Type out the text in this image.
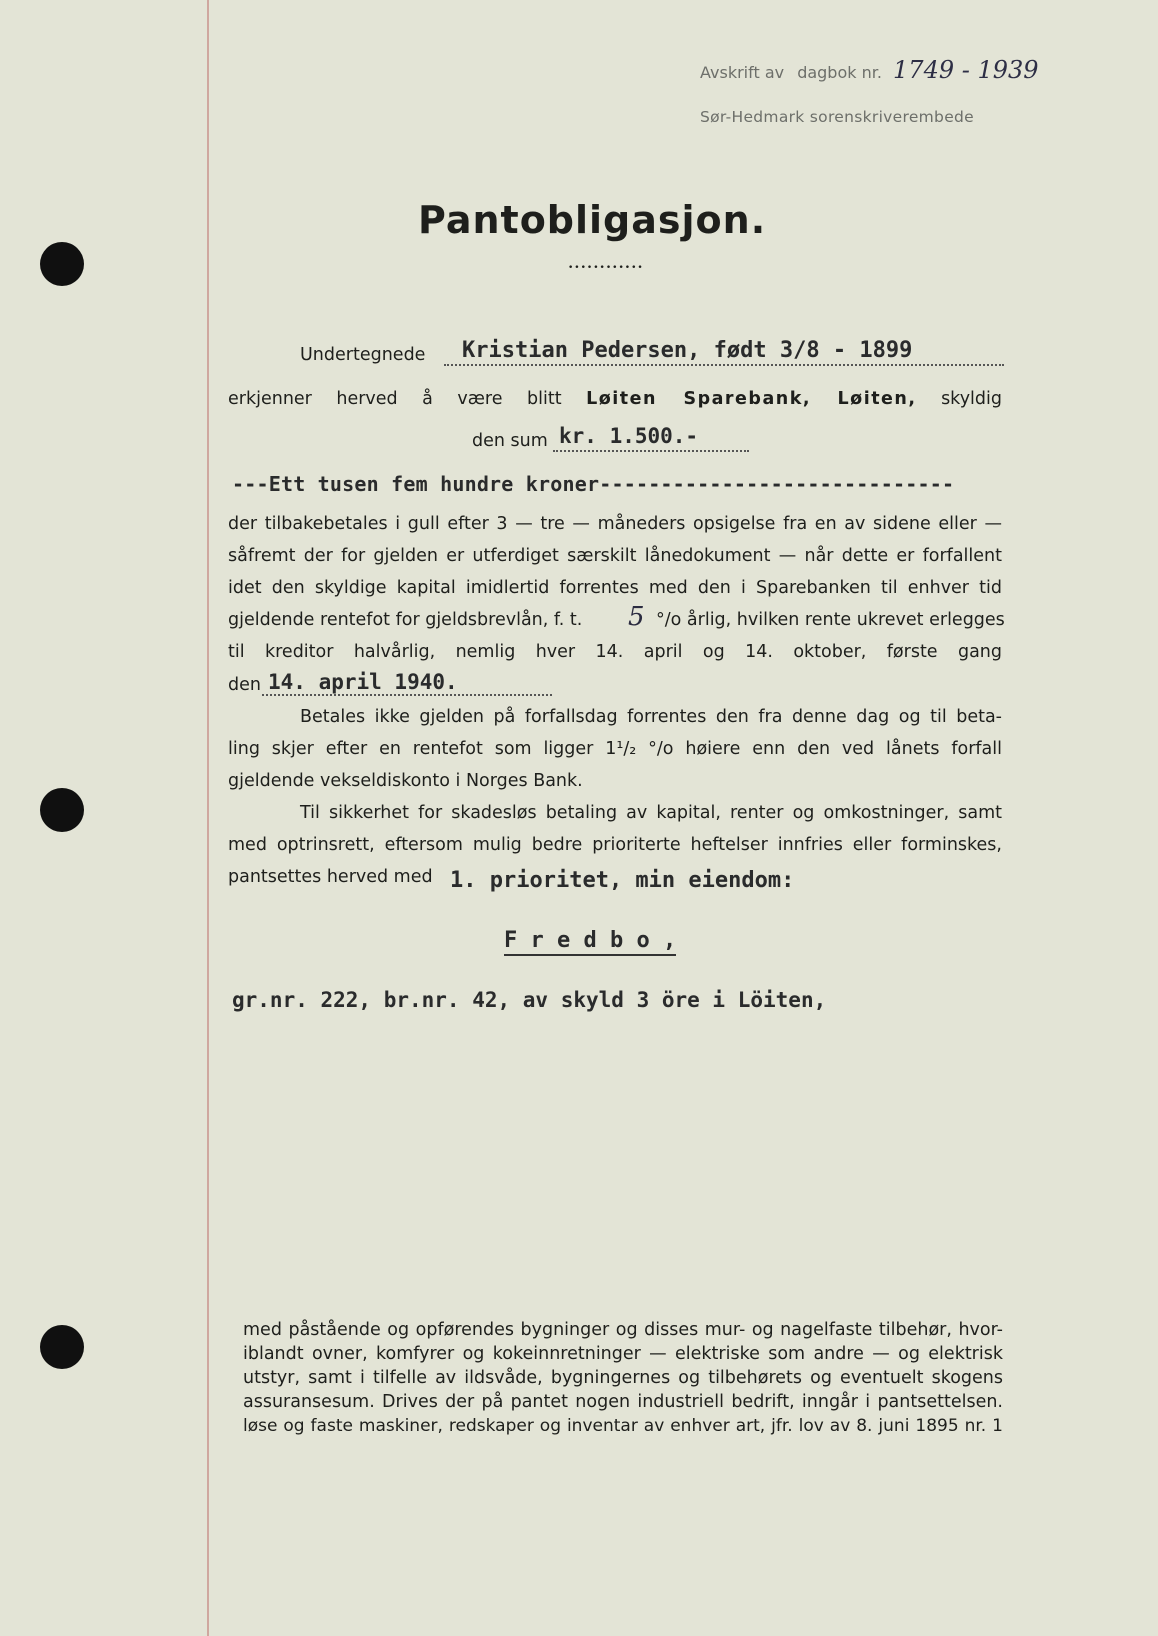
Avskrift av dagbok nr. 1749 - 1939
Sør-Hedmark sorenskriverembede
Pantobligasjon.
••••••••••••
Undertegnede	Kristian Pedersen, født 3/8 - 1899
erkjenner herved å være blitt Løiten Sparebank, Løiten, skyldig
den sum kr. 1.500.-
---Ett tusen fem hundre kroner-----------------------------
der tilbakebetales i gull efter 3 — tre — måneders opsigelse fra en av sidene eller —
såfremt der for gjelden er utferdiget særskilt lånedokument — når dette er forfallent
idet den skyldige kapital imidlertid forrentes med den i Sparebanken til enhver tid
gjeldende rentefot for gjeldsbrevlån, f. t. 5 °/o årlig, hvilken rente ukrevet erlegges
til kreditor halvårlig, nemlig hver 14. april og 14. oktober, første gang
den 14. april 1940.
Betales ikke gjelden på forfallsdag forrentes den fra denne dag og til beta-
ling skjer efter en rentefot som ligger 1¹/₂ °/o høiere enn den ved lånets forfall
gjeldende vekseldiskonto i Norges Bank.
Til sikkerhet for skadesløs betaling av kapital, renter og omkostninger, samt
med optrinsrett, eftersom mulig bedre prioriterte heftelser innfries eller forminskes,
pantsettes herved med 1. prioritet, min eiendom:
F r e d b o ,
gr.nr. 222, br.nr. 42, av skyld 3 öre i Löiten,
med påstående og opførendes bygninger og disses mur- og nagelfaste tilbehør, hvor-
iblandt ovner, komfyrer og kokeinnretninger — elektriske som andre — og elektrisk
utstyr, samt i tilfelle av ildsvåde, bygningernes og tilbehørets og eventuelt skogens
assuransesum. Drives der på pantet nogen industriell bedrift, inngår i pantsettelsen.
løse og faste maskiner, redskaper og inventar av enhver art, jfr. lov av 8. juni 1895 nr. 1
